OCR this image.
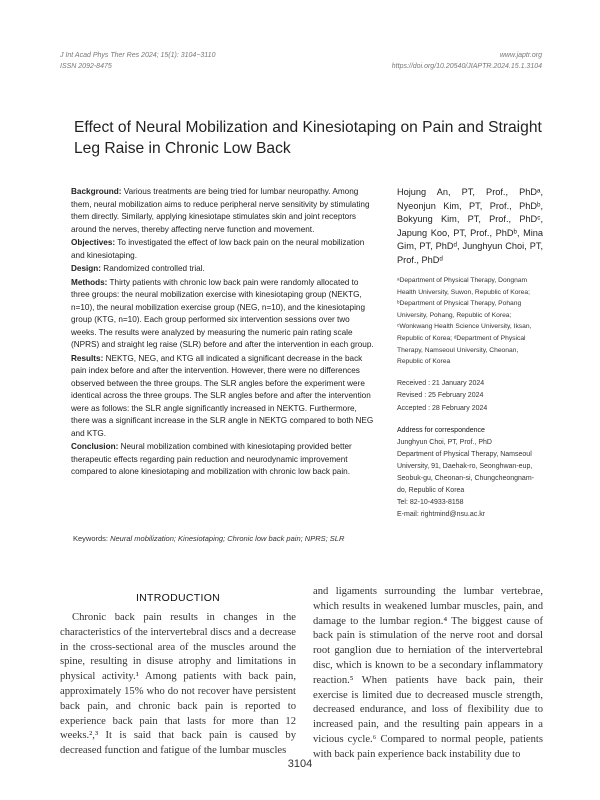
J Int Acad Phys Ther Res 2024; 15(1): 3104−3110
ISSN 2092-8475
www.japtr.org
https://doi.org/10.20540/JIAPTR.2024.15.1.3104
Effect of Neural Mobilization and Kinesiotaping on Pain and Straight Leg Raise in Chronic Low Back

Background: Various treatments are being tried for lumbar neuropathy. Among them, neural mobilization aims to reduce peripheral nerve sensitivity by stimulating them directly. Similarly, applying kinesiotape stimulates skin and joint receptors around the nerves, thereby affecting nerve function and movement.

Objectives: To investigated the effect of low back pain on the neural mobilization and kinesiotaping.

Design: Randomized controlled trial.

Methods: Thirty patients with chronic low back pain were randomly allocated to three groups: the neural mobilization exercise with kinesiotaping group (NEKTG, n=10), the neural mobilization exercise group (NEG, n=10), and the kinesiotaping group (KTG, n=10). Each group performed six intervention sessions over two weeks. The results were analyzed by measuring the numeric pain rating scale (NPRS) and straight leg raise (SLR) before and after the intervention in each group.

Results: NEKTG, NEG, and KTG all indicated a significant decrease in the back pain index before and after the intervention. However, there were no differences observed between the three groups. The SLR angles before the experiment were identical across the three groups. The SLR angles before and after the intervention were as follows: the SLR angle significantly increased in NEKTG. Furthermore, there was a significant increase in the SLR angle in NEKTG compared to both NEG and KTG.

Conclusion: Neural mobilization combined with kinesiotaping provided better therapeutic effects regarding pain reduction and neurodynamic improvement compared to alone kinesiotaping and mobilization with chronic low back pain.

Hojung An, PT, Prof., PhDᵃ, Nyeonjun Kim, PT, Prof., PhDᵇ, Bokyung Kim, PT, Prof., PhDᶜ, Japung Koo, PT, Prof., PhDᵇ, Mina Gim, PT, PhDᵈ, Junghyun Choi, PT, Prof., PhDᵈ
ᵃDepartment of Physical Therapy, Dongnam Health University, Suwon, Republic of Korea; ᵇDepartment of Physical Therapy, Pohang University, Pohang, Republic of Korea; ᶜWonkwang Health Science University, Iksan, Republic of Korea; ᵈDepartment of Physical Therapy, Namseoul University, Cheonan, Republic of Korea
Received : 21 January 2024
Revised : 25 February 2024
Accepted : 28 February 2024
Address for correspondence
Junghyun Choi, PT, Prof., PhD
Department of Physical Therapy, Namseoul University, 91, Daehak-ro, Seonghwan-eup, Seobuk-gu, Cheonan-si, Chungcheongnam-do, Republic of Korea
Tel: 82-10-4933-8158
E-mail: rightmind@nsu.ac.kr
Keywords: Neural mobilization; Kinesiotaping; Chronic low back pain; NPRS; SLR
INTRODUCTION

Chronic back pain results in changes in the characteristics of the intervertebral discs and a decrease in the cross-sectional area of the muscles around the spine, resulting in disuse atrophy and limitations in physical activity.¹ Among patients with back pain, approximately 15% who do not recover have persistent back pain, and chronic back pain is reported to experience back pain that lasts for more than 12 weeks.²,³ It is said that back pain is caused by decreased function and fatigue of the lumbar muscles

and ligaments surrounding the lumbar vertebrae, which results in weakened lumbar muscles, pain, and damage to the lumbar region.⁴ The biggest cause of back pain is stimulation of the nerve root and dorsal root ganglion due to herniation of the intervertebral disc, which is known to be a secondary inflammatory reaction.⁵ When patients have back pain, their exercise is limited due to decreased muscle strength, decreased endurance, and loss of flexibility due to increased pain, and the resulting pain appears in a vicious cycle.⁶ Compared to normal people, patients with back pain experience back instability due to

3104
